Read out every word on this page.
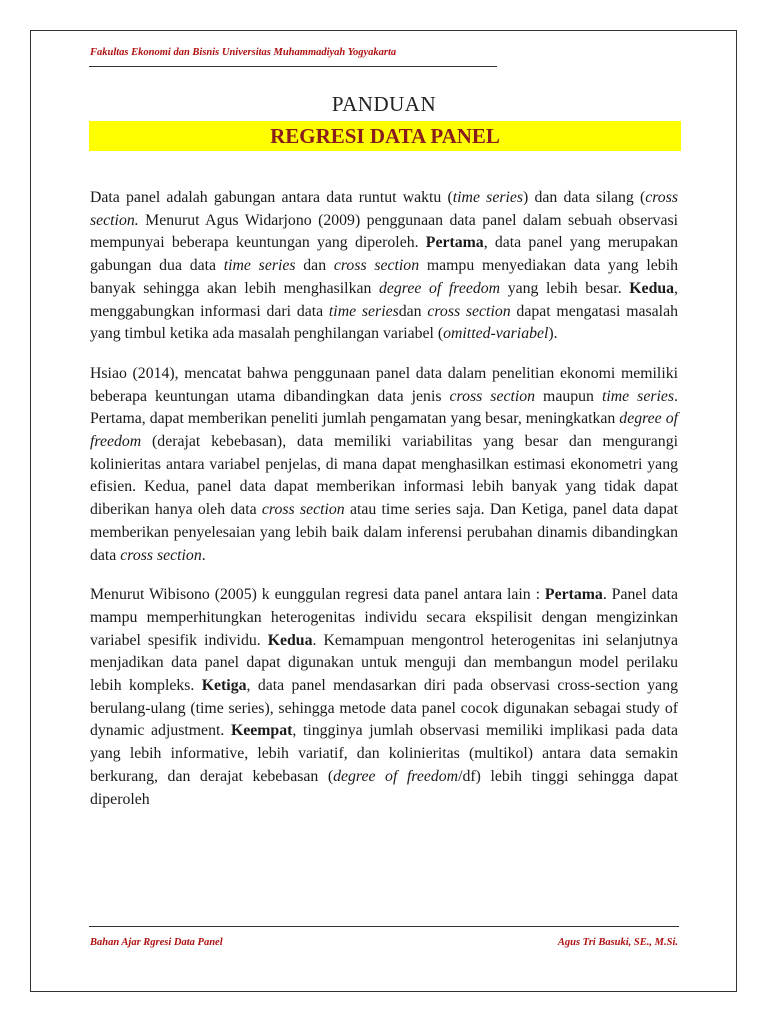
Fakultas Ekonomi dan Bisnis Universitas Muhammadiyah Yogyakarta
PANDUAN
REGRESI DATA PANEL

Data panel adalah gabungan antara data runtut waktu (time series) dan data silang (cross section. Menurut Agus Widarjono (2009) penggunaan data panel dalam sebuah observasi mempunyai beberapa keuntungan yang diperoleh. Pertama, data panel yang merupakan gabungan dua data time series dan cross section mampu menyediakan data yang lebih banyak sehingga akan lebih menghasilkan degree of freedom yang lebih besar. Kedua, menggabungkan informasi dari data time seriesdan cross section dapat mengatasi masalah yang timbul ketika ada masalah penghilangan variabel (omitted-variabel).

Hsiao (2014), mencatat bahwa penggunaan panel data dalam penelitian ekonomi memiliki beberapa keuntungan utama dibandingkan data jenis cross section maupun time series. Pertama, dapat memberikan peneliti jumlah pengamatan yang besar, meningkatkan degree of freedom (derajat kebebasan), data memiliki variabilitas yang besar dan mengurangi kolinieritas antara variabel penjelas, di mana dapat menghasilkan estimasi ekonometri yang efisien. Kedua, panel data dapat memberikan informasi lebih banyak yang tidak dapat diberikan hanya oleh data cross section atau time series saja. Dan Ketiga, panel data dapat memberikan penyelesaian yang lebih baik dalam inferensi perubahan dinamis dibandingkan data cross section.

Menurut Wibisono (2005) k eunggulan regresi data panel antara lain : Pertama. Panel data mampu memperhitungkan heterogenitas individu secara ekspilisit dengan mengizinkan variabel spesifik individu. Kedua. Kemampuan mengontrol heterogenitas ini selanjutnya menjadikan data panel dapat digunakan untuk menguji dan membangun model perilaku lebih kompleks. Ketiga, data panel mendasarkan diri pada observasi cross-section yang berulang-ulang (time series), sehingga metode data panel cocok digunakan sebagai study of dynamic adjustment. Keempat, tingginya jumlah observasi memiliki implikasi pada data yang lebih informative, lebih variatif, dan kolinieritas (multikol) antara data semakin berkurang, dan derajat kebebasan (degree of freedom/df) lebih tinggi sehingga dapat diperoleh

Bahan Ajar Rgresi Data Panel	Agus Tri Basuki, SE., M.Si.
